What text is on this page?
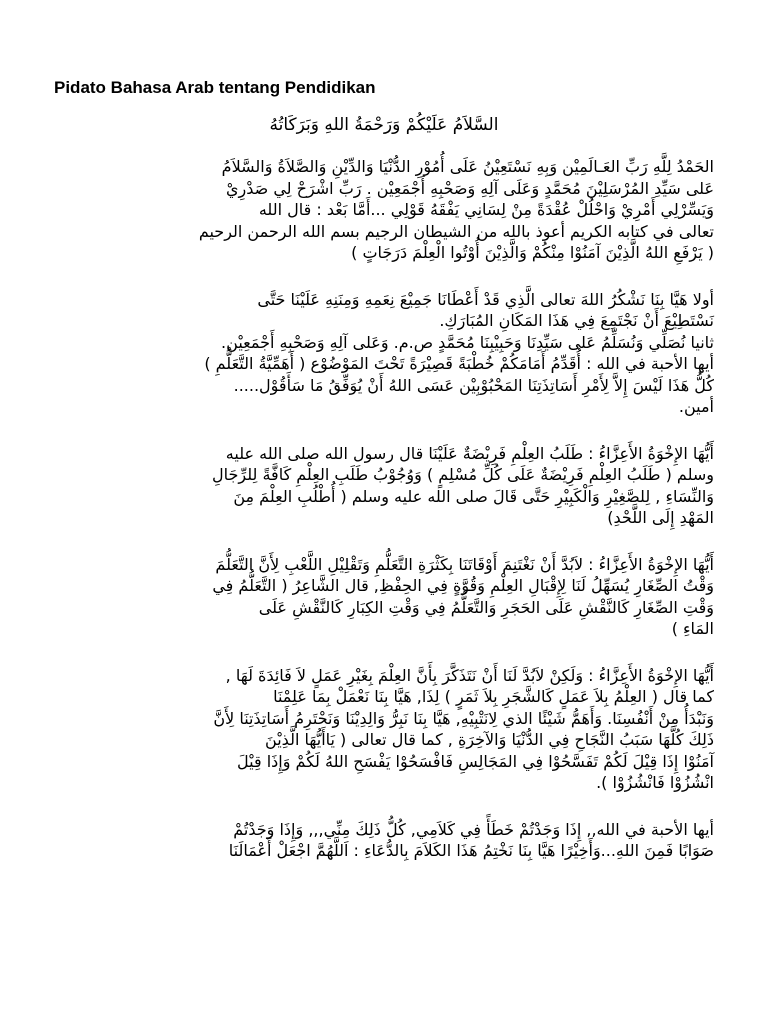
Pidato Bahasa Arab tentang Pendidikan
السَّلاَمُ عَلَيْكُمْ وَرَحْمَةُ اللهِ وَبَرَكَاتُهُ
الحَمْدُ لِلَّهِ رَبِّ العَـالَمِيْن وَبِهِ نَسْتَعِيْنُ عَلَى أُمُوْرِ الدُّنْيَا وَالدِّيْنِ وَالصَّلاَةُ وَالسَّلاَمُ
عَلى سَيِّدِ المُرْسَلِيْنَ مُحَمَّدٍ وَعَلَى آلِهِ وَصَحْبِهِ أَجْمَعِيْن . رَبِّ اشْرَحْ لِي صَدْرِيْ
وَيَسِّرْلِي أَمْرِيْ وَاحْلُلْ عُقْدَةً مِنْ لِسَانِي يَفْقَهُ قَوْلِي ...أَمَّا بَعْد : قال الله
تعالى في كتابه الكريم أعوذ بالله من الشيطان الرجيم بسم الله الرحمن الرحيم
( يَرْفَعِ اللهُ الَّذِيْنَ آمَنُوْا مِنْكُمْ وَالَّذِيْنَ أُوْتُوا الْعِلْمَ دَرَجَاتٍ )
أولا هَيَّا بِنَا نَشْكُرُ اللهَ تعالى الَّذِي قَدْ أَعْطَانَا جَمِيْعَ نِعَمِهِ وَمِنَنِهِ عَلَيْنَا حَتَّى
نَسْتَطِيْعَ أَنْ نَجْتَمِعَ فِي هَذَا المَكَانِ المُبَارَكِ.
ثانيا نُصَلِّي وَنُسَلِّمُ عَلى سَيِّدِنَا وَحَبِيْبِنَا مُحَمَّدٍ ص.م. وَعَلى آلِهِ وَصَحْبِهِ أَجْمَعِيْن.
أيها الأحبة في الله : أُقَدِّمُ أَمَامَكُمْ خُطْبَةً قَصِيْرَةً تَحْتَ المَوْضُوْع ( أَهَمِّيَّةُ التَّعَلُّمِ )
كُلُّ هَذَا لَيْسَ إِلاَّ لِأَمْرِ أَسَاتِذَتِنَا المَحْبُوْبِيْن عَسَى اللهُ أَنْ يُوَفِّقُ مَا سَأَقُوْل.....
أمين.
أَيُّهَا الإِخْوَةُ الأَعِزَّاءُ : طَلَبُ العِلْمِ فَرِيْضَةٌ عَلَيْنَا قال رسول الله صلى الله عليه
وسلم ( طَلَبُ العِلْمِ فَرِيْضَةٌ عَلَى كُلِّ مُسْلِمٍ ) وَوُجُوْبُ طَلَبِ العِلْمِ كَافَّةً لِلرِّجَالِ
وَالنِّسَاءِ , لِلصَّغِيْرِ وَالْكَبِيْرِ حَتَّى قَالَ صلى الله عليه وسلم ( أُطْلُبِ العِلْمَ مِنَ
المَهْدِ إِلَى اللَّحْدِ)
أَيُّهَا الإِخْوَةُ الأَعِزَّاءُ : لاَبُدَّ أَنْ نَغْتَنِمَ أَوْقَاتَنَا بِكَثْرَةِ التَّعَلُّمِ وَتَقْلِيْلِ اللَّعْبِ لِأَنَّ التَّعَلُّمَ
وَقْتُ الصِّغَارِ يُسَهِّلُ لَنَا لِإِقْبَالِ العِلْمِ وَقُوَّةٍ فِي الحِفْظِ, قال الشَّاعِرُ ( التَّعَلُّمُ فِي
وَقْتِ الصِّغَارِ كَالنَّقْشِ عَلَى الحَجَرِ وَالتَّعَلُّمُ فِي وَقْتِ الكِبَارِ كَالنَّقْشِ عَلَى
المَاءِ )
أَيُّهَا الإِخْوَةُ الأَعِزَّاءُ : وَلَكِنْ لاَبُدَّ لَنَا أَنْ نَتَذَكَّرَ بِأَنَّ العِلْمَ بِغَيْرِ عَمَلٍ لاَ فَائِدَةَ لَهَا ,
كما قال ( العِلْمُ بِلاَ عَمَلٍ كَالشَّجَرِ بِلاَ ثَمَرٍ ) لِذَا, هَيَّا بِنَا نَعْمَلْ بِمَا عَلِمْنَا
وَنَبْدَأُ مِنْ أَنْفُسِنَا. وَأَهَمُّ شَيْئًا الذي لِانَتْبِيْهِ, هَيَّا بِنَا نَبِرُّ وَالِدِيْنَا وَنَحْتَرِمُ أَسَاتِذَتِنَا لِأَنَّ
ذَلِكَ كُلَّهَا سَبَبُ النَّجَاحِ فِي الدُّنْيَا وَالآخِرَةِ , كما قال تعالى ( يَاأَيُّهَا الَّذِيْنَ
آمَنُوْا إِذَا قِيْلَ لَكُمْ تَفَسَّحُوْا فِي المَجَالِسِ فَافْسَحُوْا يَفْسَحِ اللهُ لَكُمْ وَإِذَا قِيْلَ
انْشُزُوْا فَانْشُزُوْا ).
أيها الأحبة في الله,, إِذَا وَجَدْتُمْ خَطَأً فِي كَلاَمِي, كُلُّ ذَلِكَ مِنِّي,,, وَإِذَا وَجَدْتُمْ
صَوَابًا فَمِنَ اللهِ...وَأَخِيْرًا هَيَّا بِنَا نَخْتِمُ هَذَا الكَلاَمَ بِالدُّعَاءِ : اَللَّهُمَّ اجْعَلْ أَعْمَالَنَا
